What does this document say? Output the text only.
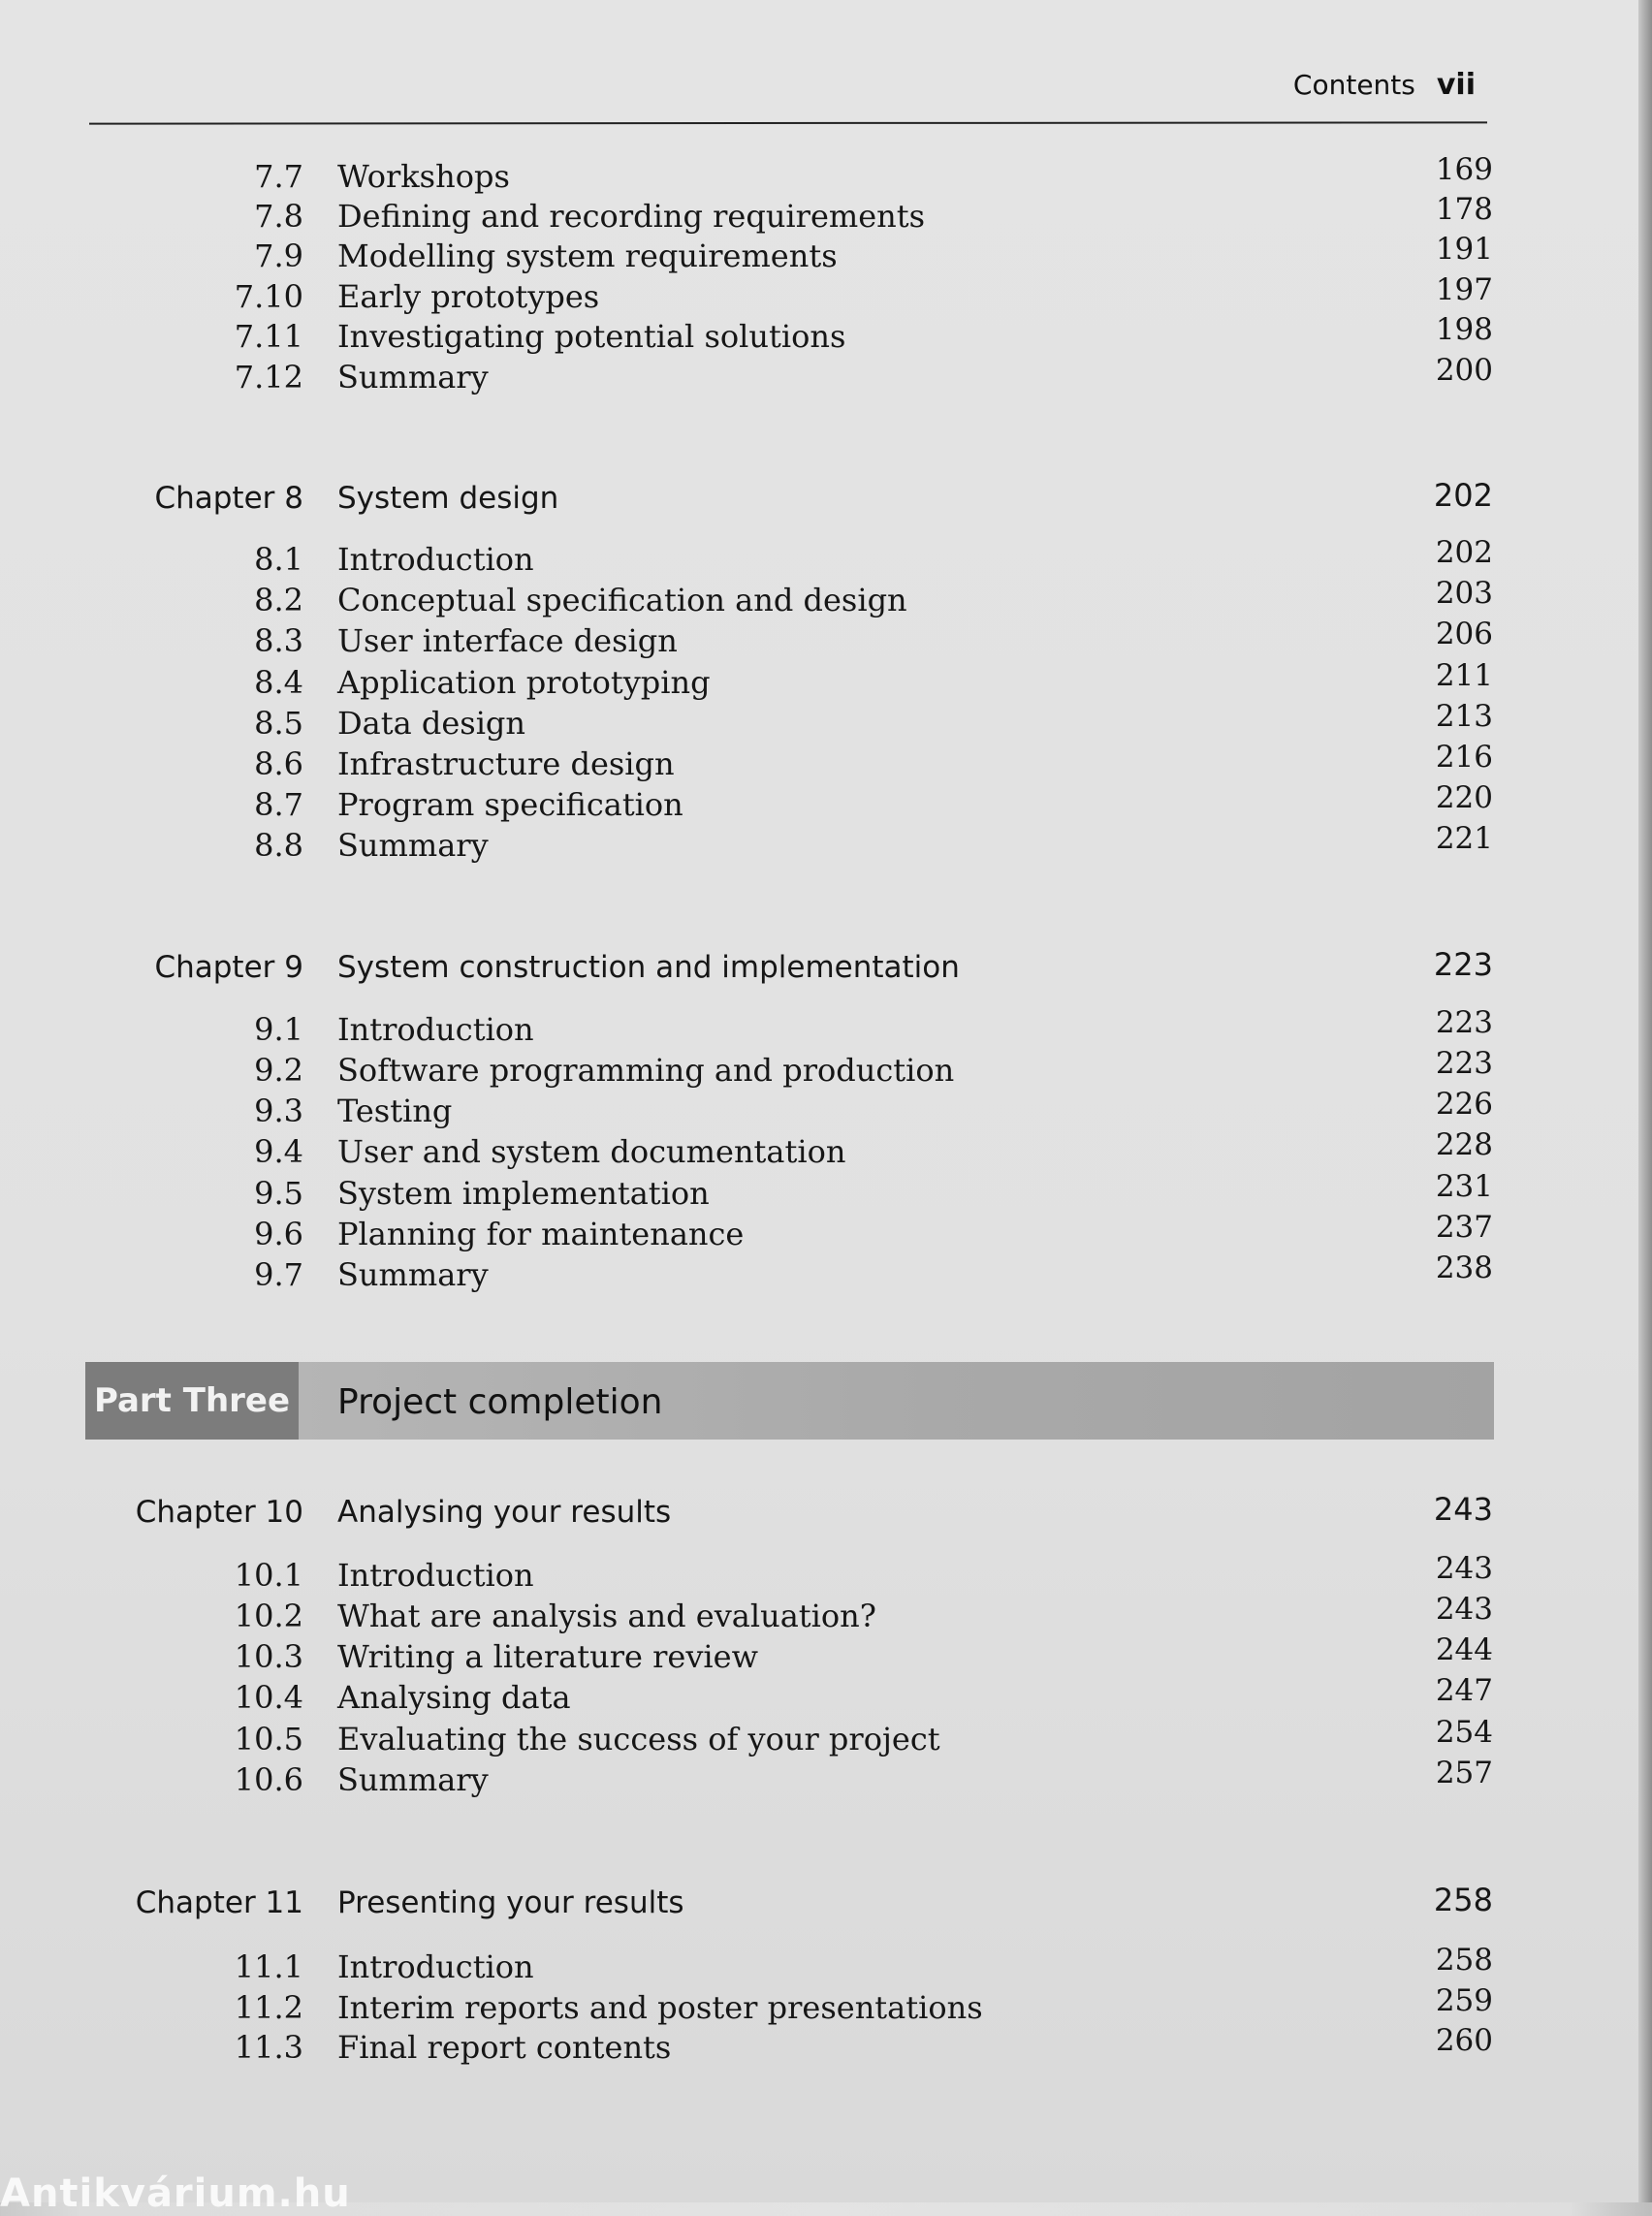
Contents vii
7.7 Workshops	169
7.8 Defining and recording requirements	178
7.9 Modelling system requirements	191
7.10 Early prototypes	197
7.11 Investigating potential solutions	198
7.12 Summary	200
Chapter 8 System design	202
8.1 Introduction	202
8.2 Conceptual specification and design	203
8.3 User interface design	206
8.4 Application prototyping	211
8.5 Data design	213
8.6 Infrastructure design	216
8.7 Program specification	220
8.8 Summary	221
Chapter 9 System construction and implementation	223
9.1 Introduction	223
9.2 Software programming and production	223
9.3 Testing	226
9.4 User and system documentation	228
9.5 System implementation	231
9.6 Planning for maintenance	237
9.7 Summary	238
Part Three Project completion
Chapter 10 Analysing your results	243
10.1 Introduction	243
10.2 What are analysis and evaluation?	243
10.3 Writing a literature review	244
10.4 Analysing data	247
10.5 Evaluating the success of your project	254
10.6 Summary	257
Chapter 11 Presenting your results	258
11.1 Introduction	258
11.2 Interim reports and poster presentations	259
11.3 Final report contents	260
Antikvárium.hu
